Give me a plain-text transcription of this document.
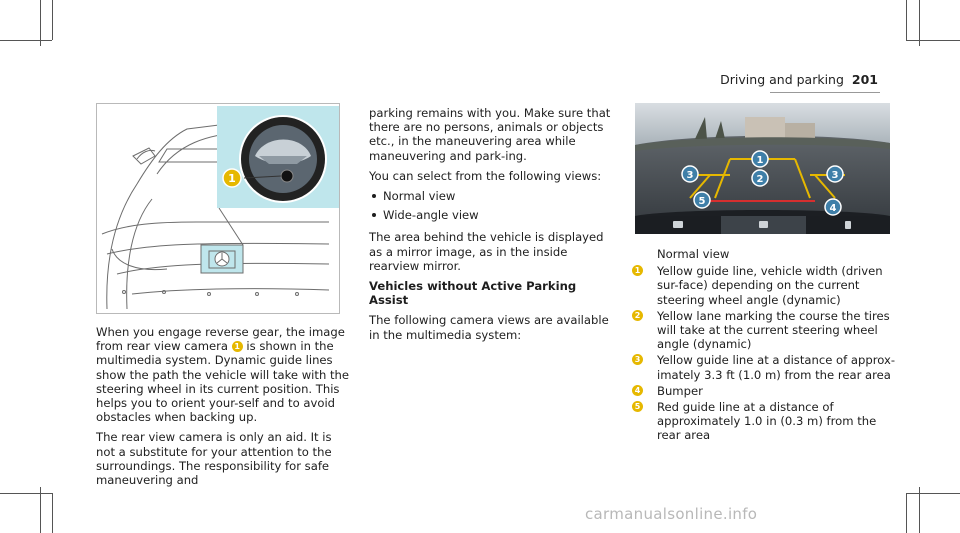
Driving and parking 201
1

When you engage reverse gear, the image from rear view camera 1 is shown in the multimedia system. Dynamic guide lines show the path the vehicle will take with the steering wheel in its current position. This helps you to orient your-self and to avoid obstacles when backing up.

The rear view camera is only an aid. It is not a substitute for your attention to the surroundings. The responsibility for safe maneuvering and

parking remains with you. Make sure that there are no persons, animals or objects etc., in the maneuvering area while maneuvering and park-ing.

You can select from the following views:

Normal view
Wide-angle view

The area behind the vehicle is displayed as a mirror image, as in the inside rearview mirror.

Vehicles without Active Parking Assist

The following camera views are available in the multimedia system:

1
2
3	3
4
5
Normal view
1	Yellow guide line, vehicle width (driven sur-face) depending on the current steering wheel angle (dynamic)
2	Yellow lane marking the course the tires will take at the current steering wheel angle (dynamic)
3	Yellow guide line at a distance of approx-imately 3.3 ft (1.0 m) from the rear area
4	Bumper
5	Red guide line at a distance of approximately 1.0 in (0.3 m) from the rear area
carmanualsonline.info
